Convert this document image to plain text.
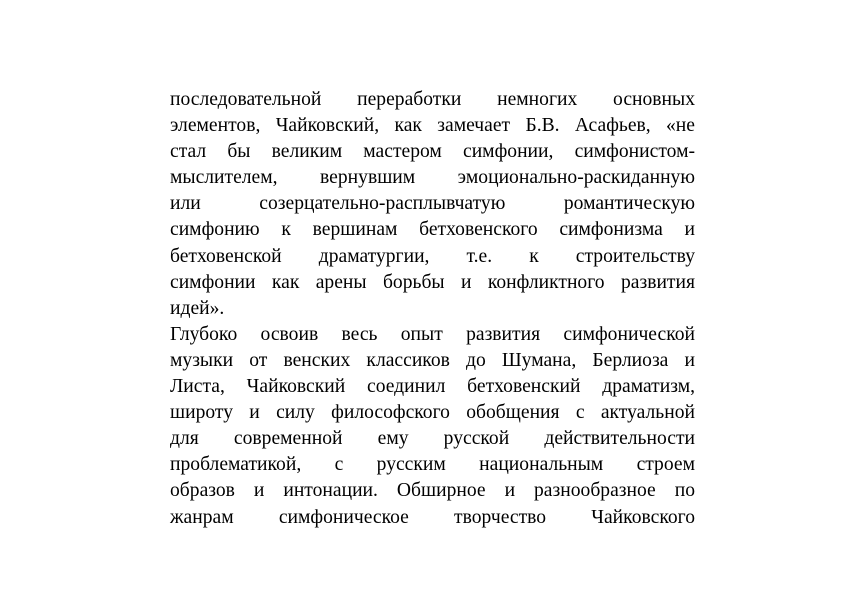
последовательной переработки немногих основных
элементов, Чайковский, как замечает Б.В. Асафьев, «не
стал бы великим мастером симфонии, симфонистом-
мыслителем, вернувшим эмоционально-раскиданную
или созерцательно-расплывчатую романтическую
симфонию к вершинам бетховенского симфонизма и
бетховенской драматургии, т.е. к строительству
симфонии как арены борьбы и конфликтного развития
идей».
Глубоко освоив весь опыт развития симфонической
музыки от венских классиков до Шумана, Берлиоза и
Листа, Чайковский соединил бетховенский драматизм,
широту и силу философского обобщения с актуальной
для современной ему русской действительности
проблематикой, с русским национальным строем
образов и интонации. Обширное и разнообразное по
жанрам симфоническое творчество Чайковского
